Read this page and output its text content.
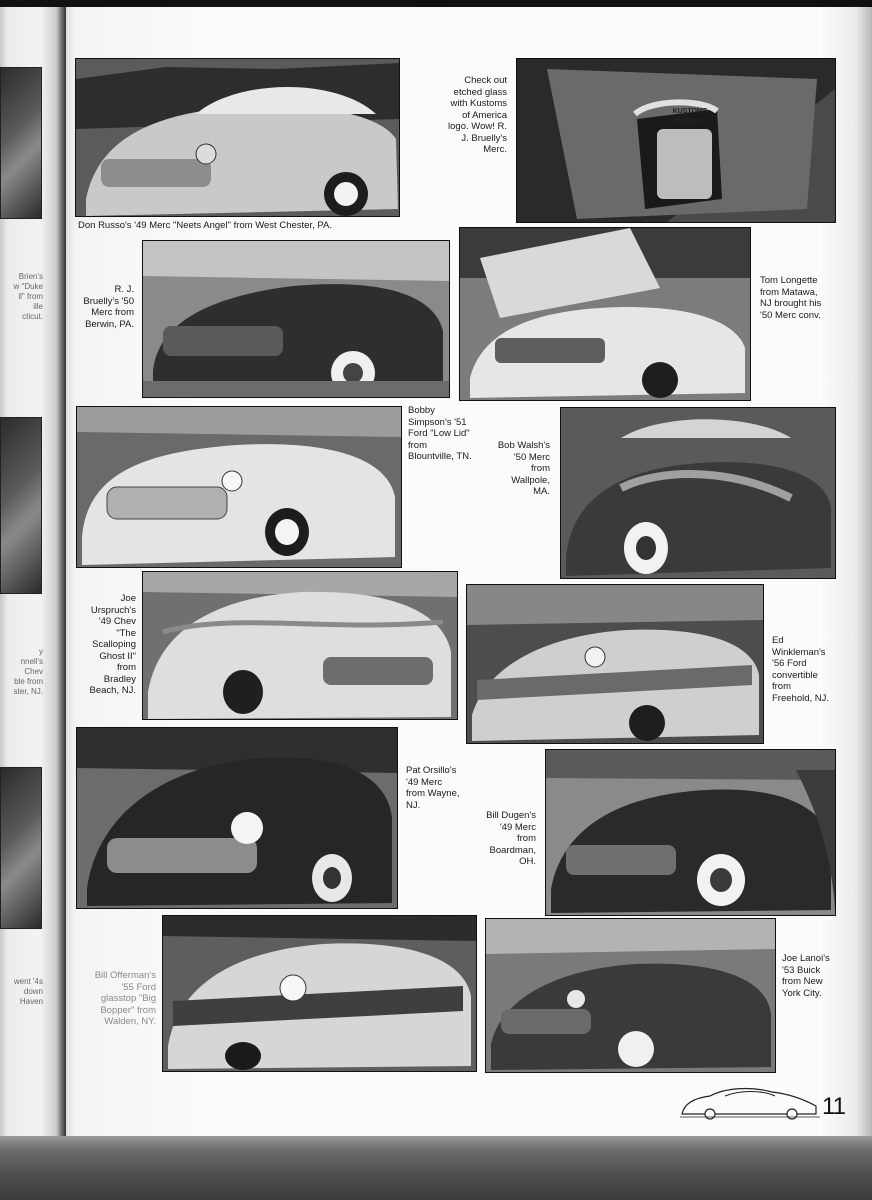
Brien's
w "Duke
ll" from
ille
cticut.
y
nnell's
Chev
ble from
ster, NJ.
went '4s
down
Haven
Don Russo's '49 Merc "Neets Angel" from West Chester, PA.
Check out
etched glass
with Kustoms
of America
logo. Wow! R.
J. Bruelly's
Merc.
KUSTOMS
AMERICA
R. J.
Bruelly's '50
Merc from
Berwin, PA.
Tom Longette
from Matawa,
NJ brought his
'50 Merc conv.
Bobby
Simpson's '51
Ford "Low Lid"
from
Blountville, TN.
Bob Walsh's
'50 Merc
from
Wallpole,
MA.
Joe
Urspruch's
'49 Chev
"The
Scalloping
Ghost II"
from
Bradley
Beach, NJ.
Ed
Winkleman's
'56 Ford
convertible
from
Freehold, NJ.
Pat Orsillo's
'49 Merc
from Wayne,
NJ.
Bill Dugen's
'49 Merc
from
Boardman,
OH.
Bill Offerman's
'55 Ford
glasstop "Big
Bopper" from
Walden, NY.
Joe Lanoi's
'53 Buick
from New
York City.
11
